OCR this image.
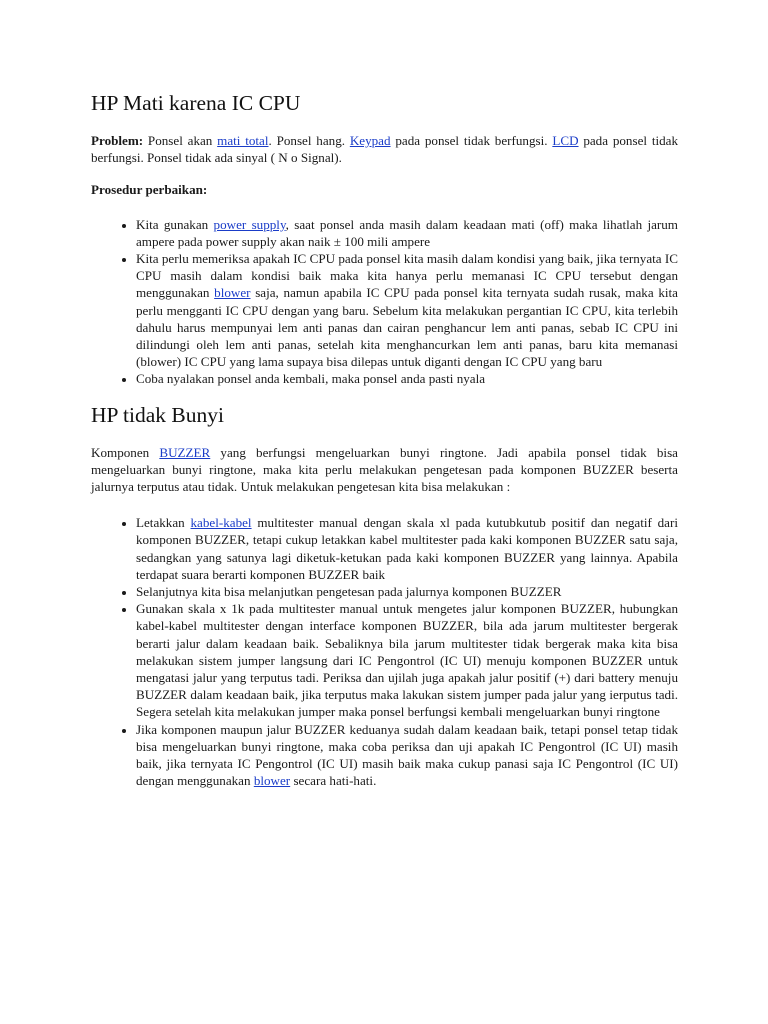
HP Mati karena IC CPU

Problem: Ponsel akan mati total. Ponsel hang. Keypad pada ponsel tidak berfungsi. LCD pada ponsel tidak berfungsi. Ponsel tidak ada sinyal ( N o Signal).

Prosedur perbaikan:

• Kita gunakan power supply, saat ponsel anda masih dalam keadaan mati (off) maka lihatlah jarum ampere pada power supply akan naik ± 100 mili ampere
• Kita perlu memeriksa apakah IC CPU pada ponsel kita masih dalam kondisi yang baik, jika ternyata IC CPU masih dalam kondisi baik maka kita hanya perlu memanasi IC CPU tersebut dengan menggunakan blower saja, namun apabila IC CPU pada ponsel kita ternyata sudah rusak, maka kita perlu mengganti IC CPU dengan yang baru. Sebelum kita melakukan pergantian IC CPU, kita terlebih dahulu harus mempunyai lem anti panas dan cairan penghancur lem anti panas, sebab IC CPU ini dilindungi oleh lem anti panas, setelah kita menghancurkan lem anti panas, baru kita memanasi (blower) IC CPU yang lama supaya bisa dilepas untuk diganti dengan IC CPU yang baru
• Coba nyalakan ponsel anda kembali, maka ponsel anda pasti nyala
HP tidak Bunyi

Komponen BUZZER yang berfungsi mengeluarkan bunyi ringtone. Jadi apabila ponsel tidak bisa mengeluarkan bunyi ringtone, maka kita perlu melakukan pengetesan pada komponen BUZZER beserta jalurnya terputus atau tidak. Untuk melakukan pengetesan kita bisa melakukan :

• Letakkan kabel-kabel multitester manual dengan skala xl pada kutubkutub positif dan negatif dari komponen BUZZER, tetapi cukup letakkan kabel multitester pada kaki komponen BUZZER satu saja, sedangkan yang satunya lagi diketuk-ketukan pada kaki komponen BUZZER yang lainnya. Apabila terdapat suara berarti komponen BUZZER baik
• Selanjutnya kita bisa melanjutkan pengetesan pada jalurnya komponen BUZZER
• Gunakan skala x 1k pada multitester manual untuk mengetes jalur komponen BUZZER, hubungkan kabel-kabel multitester dengan interface komponen BUZZER, bila ada jarum multitester bergerak berarti jalur dalam keadaan baik. Sebaliknya bila jarum multitester tidak bergerak maka kita bisa melakukan sistem jumper langsung dari IC Pengontrol (IC UI) menuju komponen BUZZER untuk mengatasi jalur yang terputus tadi. Periksa dan ujilah juga apakah jalur positif (+) dari battery menuju BUZZER dalam keadaan baik, jika terputus maka lakukan sistem jumper pada jalur yang ierputus tadi. Segera setelah kita melakukan jumper maka ponsel berfungsi kembali mengeluarkan bunyi ringtone
• Jika komponen maupun jalur BUZZER keduanya sudah dalam keadaan baik, tetapi ponsel tetap tidak bisa mengeluarkan bunyi ringtone, maka coba periksa dan uji apakah IC Pengontrol (IC UI) masih baik, jika ternyata IC Pengontrol (IC UI) masih baik maka cukup panasi saja IC Pengontrol (IC UI) dengan menggunakan blower secara hati-hati.
